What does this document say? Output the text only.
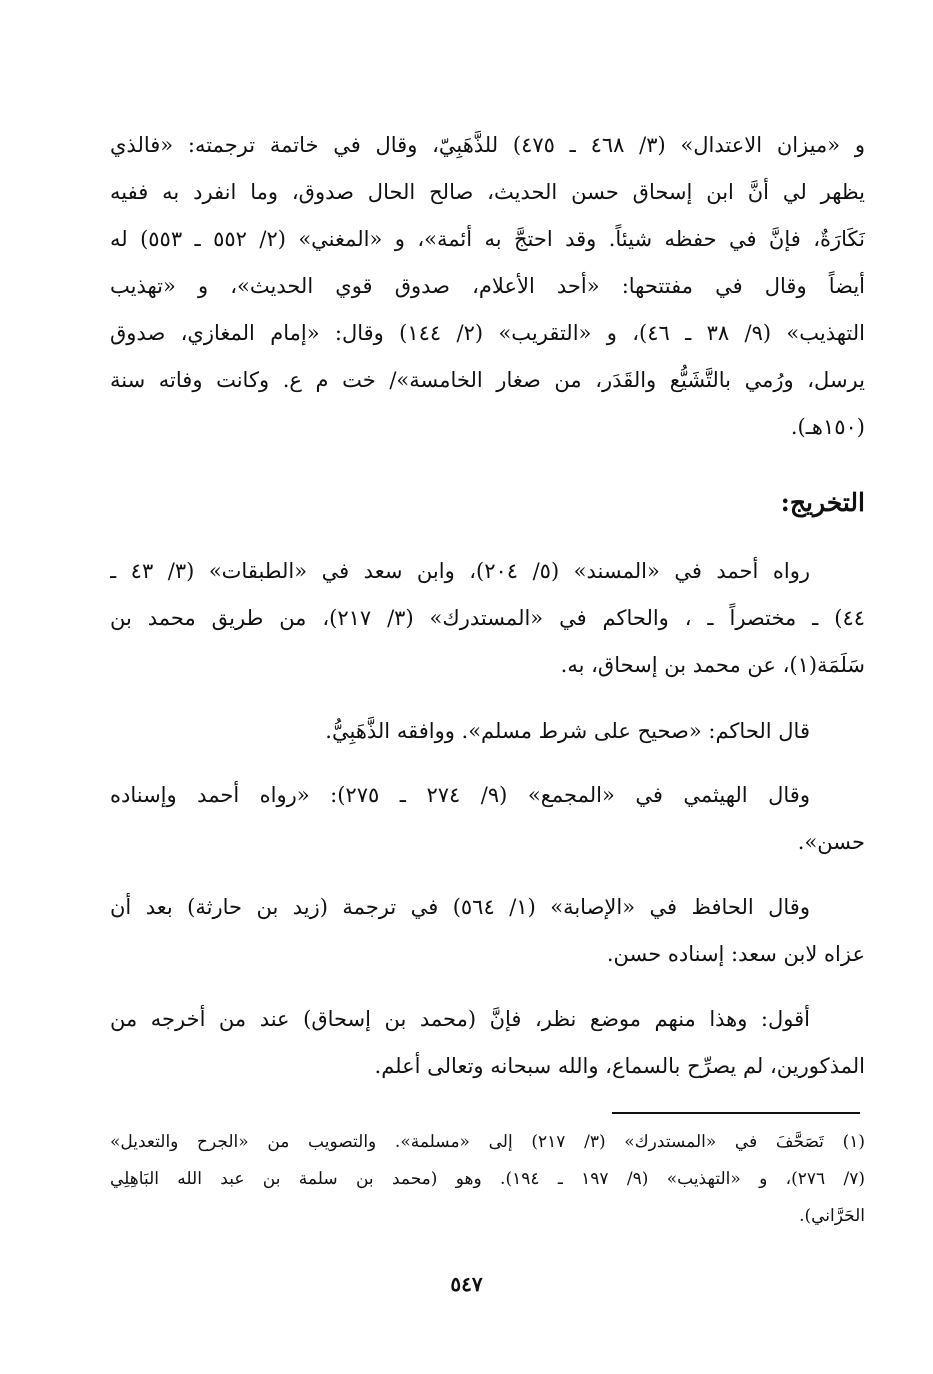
و «ميزان الاعتدال» (٣/ ٤٦٨ ـ ٤٧٥) للذَّهَبِيّ، وقال في خاتمة ترجمته: «فالذي
يظهر لي أنَّ ابن إسحاق حسن الحديث، صالح الحال صدوق، وما انفرد به ففيه
نَكَارَةٌ، فإنَّ في حفظه شيئاً. وقد احتجَّ به أئمة»، و «المغني» (٢/ ٥٥٢ ـ ٥٥٣) له
أيضاً وقال في مفتتحها: «أحد الأعلام، صدوق قوي الحديث»، و «تهذيب
التهذيب» (٩/ ٣٨ ـ ٤٦)، و «التقريب» (٢/ ١٤٤) وقال: «إمام المغازي، صدوق
يرسل، ورُمي بالتَّشَيُّع والقَدَر، من صغار الخامسة»/ خت م ع. وكانت وفاته سنة
(١٥٠هـ).

التخريج:

رواه أحمد في «المسند» (٥/ ٢٠٤)، وابن سعد في «الطبقات» (٣/ ٤٣ ـ
٤٤) ـ مختصراً ـ ، والحاكم في «المستدرك» (٣/ ٢١٧)، من طريق محمد بن
سَلَمَة(١)، عن محمد بن إسحاق، به.

قال الحاكم: «صحيح على شرط مسلم». ووافقه الذَّهَبِيُّ.

وقال الهيثمي في «المجمع» (٩/ ٢٧٤ ـ ٢٧٥): «رواه أحمد وإسناده
حسن».

وقال الحافظ في «الإصابة» (١/ ٥٦٤) في ترجمة (زيد بن حارثة) بعد أن
عزاه لابن سعد: إسناده حسن.

أقول: وهذا منهم موضع نظر، فإنَّ (محمد بن إسحاق) عند من أخرجه من
المذكورين، لم يصرِّح بالسماع، والله سبحانه وتعالى أعلم.

(١) تَصَحَّفَ في «المستدرك» (٣/ ٢١٧) إلى «مسلمة». والتصويب من «الجرح والتعديل»
(٧/ ٢٧٦)، و «التهذيب» (٩/ ١٩٧ ـ ١٩٤). وهو (محمد بن سلمة بن عبد الله البَاهِلِي
الحَرَّاني).

٥٤٧
